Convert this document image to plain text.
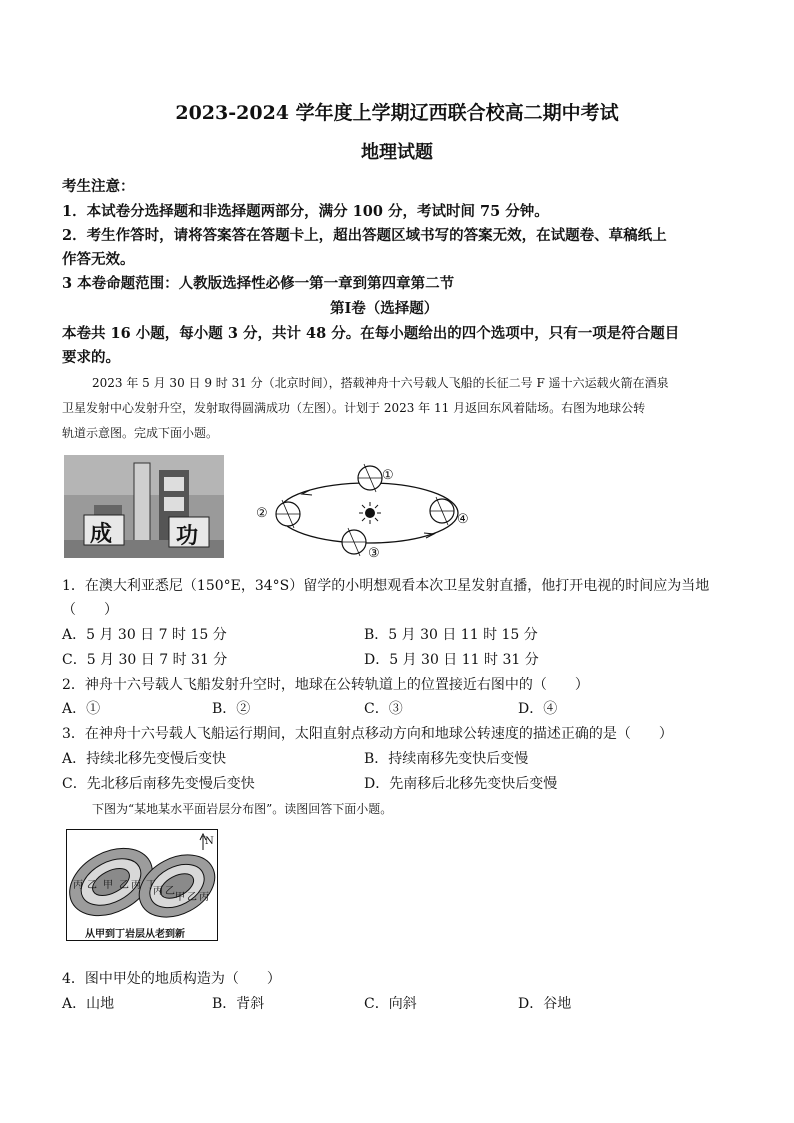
2023-2024 学年度上学期辽西联合校高二期中考试
地理试题
考生注意：
1．本试卷分选择题和非选择题两部分，满分 100 分，考试时间 75 分钟。
2．考生作答时，请将答案答在答题卡上，超出答题区域书写的答案无效，在试题卷、草稿纸上
作答无效。
3 本卷命题范围：人教版选择性必修一第一章到第四章第二节
第Ⅰ卷（选择题）
本卷共 16 小题，每小题 3 分，共计 48 分。在每小题给出的四个选项中，只有一项是符合题目
要求的。
2023 年 5 月 30 日 9 时 31 分（北京时间），搭载神舟十六号载人飞船的长征二号 F 遥十六运载火箭在酒泉
卫星发射中心发射升空，发射取得圆满成功（左图）。计划于 2023 年 11 月返回东风着陆场。右图为地球公转
轨道示意图。完成下面小题。
成	功
①
②
③
④
1．在澳大利亚悉尼（150°E，34°S）留学的小明想观看本次卫星发射直播，他打开电视的时间应为当地
（　　）
A．5 月 30 日 7 时 15 分	B．5 月 30 日 11 时 15 分
C．5 月 30 日 7 时 31 分	D．5 月 30 日 11 时 31 分
2．神舟十六号载人飞船发射升空时，地球在公转轨道上的位置接近右图中的（　　）
A．①	B．②	C．③	D．④
3．在神舟十六号载人飞船运行期间，太阳直射点移动方向和地球公转速度的描述正确的是（　　）
A．持续北移先变慢后变快	B．持续南移先变快后变慢
C．先北移后南移先变慢后变快	D．先南移后北移先变快后变慢
下图为“某地某水平面岩层分布图”。读图回答下面小题。
N
丙 乙 甲 乙 丙 丁
丙 乙
甲 乙 丙
从甲到丁岩层从老到新
4．图中甲处的地质构造为（　　）
A．山地	B．背斜	C．向斜	D．谷地
